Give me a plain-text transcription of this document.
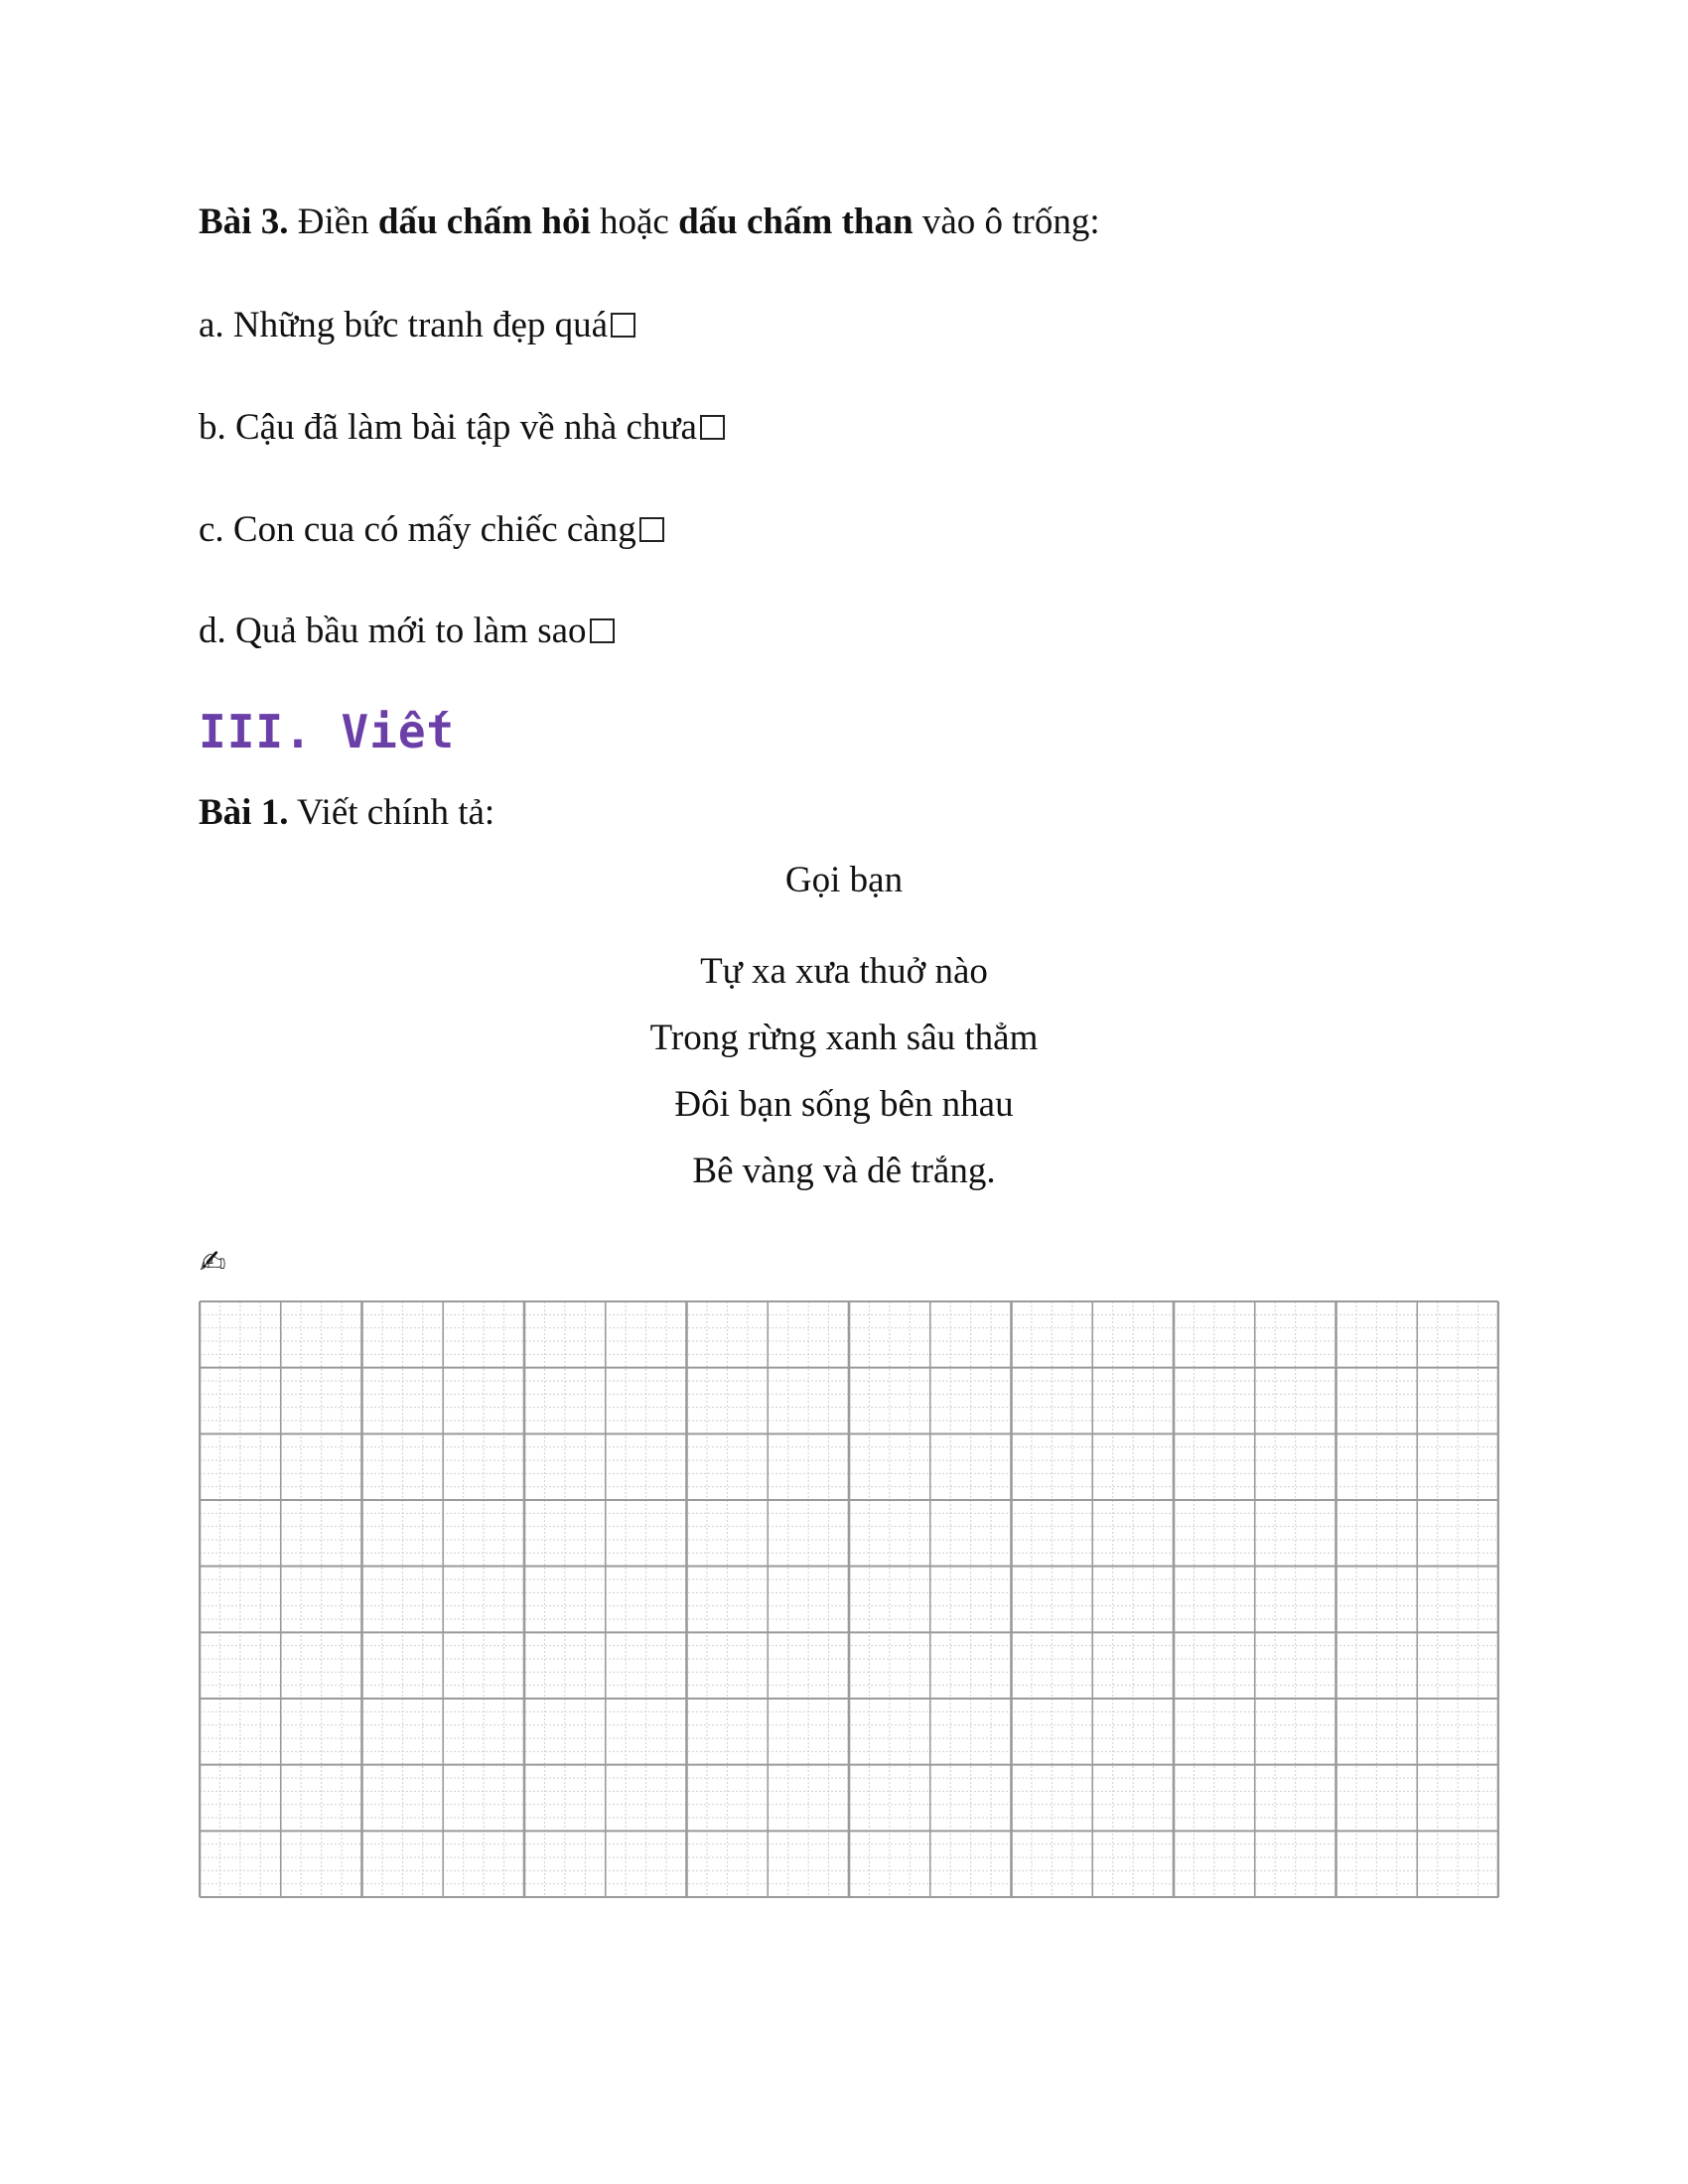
Bài 3. Điền dấu chấm hỏi hoặc dấu chấm than vào ô trống:
a. Những bức tranh đẹp quá
b. Cậu đã làm bài tập về nhà chưa
c. Con cua có mấy chiếc càng
d. Quả bầu mới to làm sao
III. Viết
Bài 1. Viết chính tả:
Gọi bạn
Tự xa xưa thuở nào
Trong rừng xanh sâu thẳm
Đôi bạn sống bên nhau
Bê vàng và dê trắng.
✍
